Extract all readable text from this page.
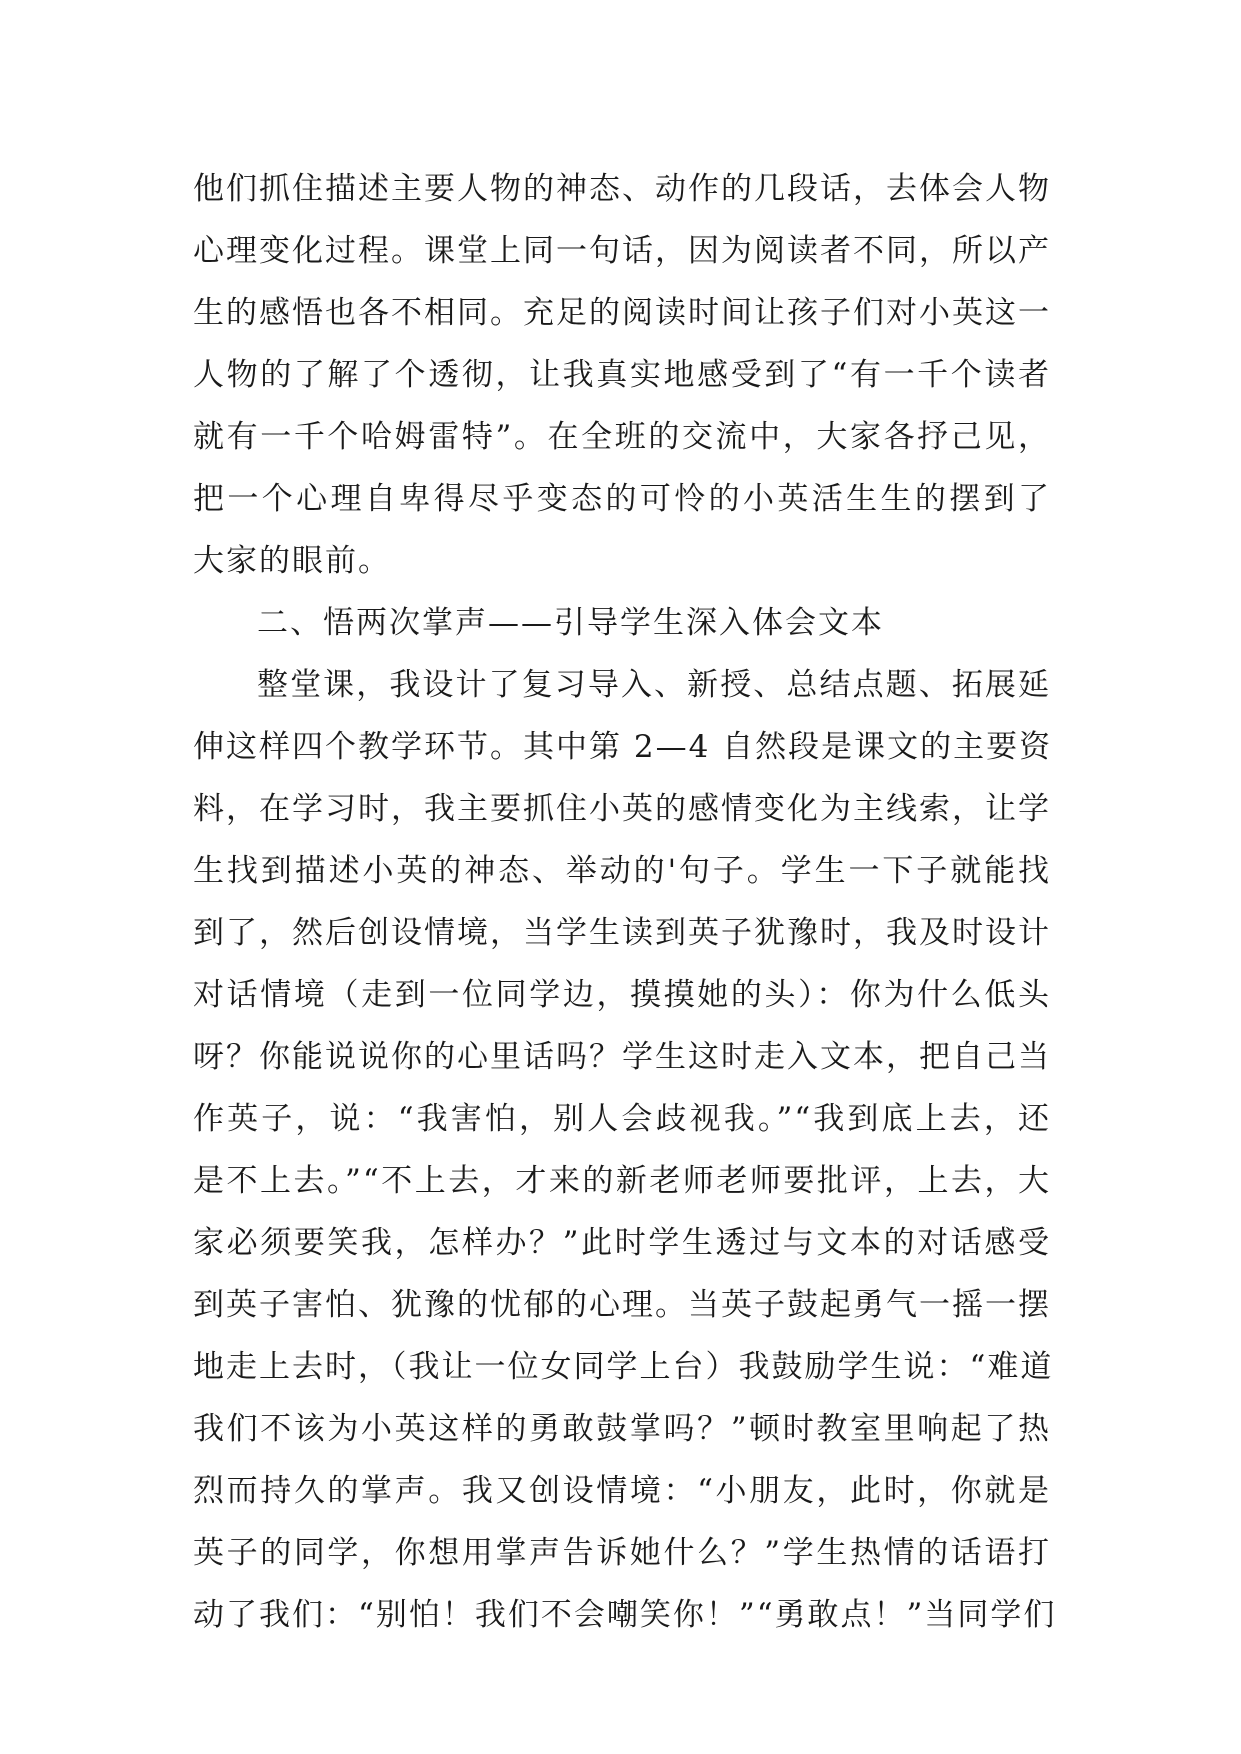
他们抓住描述主要人物的神态、动作的几段话，去体会人物
心理变化过程。课堂上同一句话，因为阅读者不同，所以产
生的感悟也各不相同。充足的阅读时间让孩子们对小英这一
人物的了解了个透彻，让我真实地感受到了“有一千个读者
就有一千个哈姆雷特”。在全班的交流中，大家各抒己见，
把一个心理自卑得尽乎变态的可怜的小英活生生的摆到了
大家的眼前。
二、悟两次掌声——引导学生深入体会文本
整堂课，我设计了复习导入、新授、总结点题、拓展延
伸这样四个教学环节。其中第 2—4 自然段是课文的主要资
料，在学习时，我主要抓住小英的感情变化为主线索，让学
生找到描述小英的神态、举动的'句子。学生一下子就能找
到了，然后创设情境，当学生读到英子犹豫时，我及时设计
对话情境（走到一位同学边，摸摸她的头）：你为什么低头
呀？你能说说你的心里话吗？学生这时走入文本，把自己当
作英子，说：“我害怕，别人会歧视我。”“我到底上去，还
是不上去。”“不上去，才来的新老师老师要批评，上去，大
家必须要笑我，怎样办？”此时学生透过与文本的对话感受
到英子害怕、犹豫的忧郁的心理。当英子鼓起勇气一摇一摆
地走上去时，（我让一位女同学上台）我鼓励学生说：“难道
我们不该为小英这样的勇敢鼓掌吗？”顿时教室里响起了热
烈而持久的掌声。我又创设情境：“小朋友，此时，你就是
英子的同学，你想用掌声告诉她什么？”学生热情的话语打
动了我们：“别怕！我们不会嘲笑你！”“勇敢点！”当同学们
